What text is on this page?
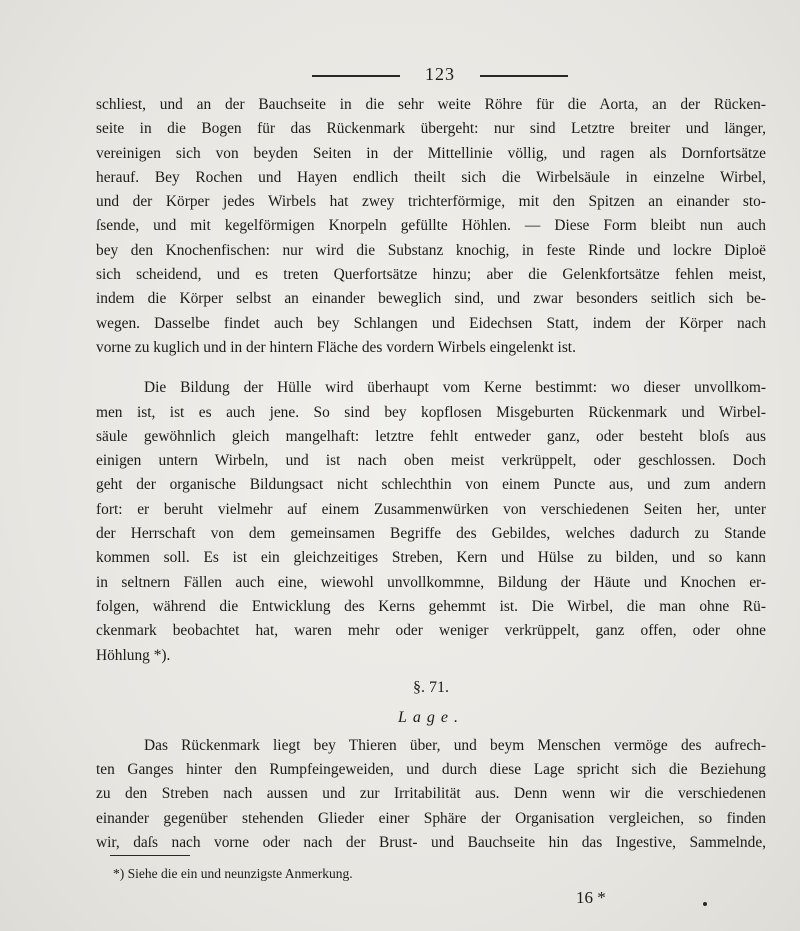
123
schliest, und an der Bauchseite in die sehr weite Röhre für die Aorta, an der Rücken-
seite in die Bogen für das Rückenmark übergeht: nur sind Letztre breiter und länger,
vereinigen sich von beyden Seiten in der Mittellinie völlig, und ragen als Dornfortsätze
herauf. Bey Rochen und Hayen endlich theilt sich die Wirbelsäule in einzelne Wirbel,
und der Körper jedes Wirbels hat zwey trichterförmige, mit den Spitzen an einander sto-
ſsende, und mit kegelförmigen Knorpeln gefüllte Höhlen. — Diese Form bleibt nun auch
bey den Knochenfischen: nur wird die Substanz knochig, in feste Rinde und lockre Diploë
sich scheidend, und es treten Querfortsätze hinzu; aber die Gelenkfortsätze fehlen meist,
indem die Körper selbst an einander beweglich sind, und zwar besonders seitlich sich be-
wegen. Dasselbe findet auch bey Schlangen und Eidechsen Statt, indem der Körper nach
vorne zu kuglich und in der hintern Fläche des vordern Wirbels eingelenkt ist.
Die Bildung der Hülle wird überhaupt vom Kerne bestimmt: wo dieser unvollkom-
men ist, ist es auch jene. So sind bey kopflosen Misgeburten Rückenmark und Wirbel-
säule gewöhnlich gleich mangelhaft: letztre fehlt entweder ganz, oder besteht bloſs aus
einigen untern Wirbeln, und ist nach oben meist verkrüppelt, oder geschlossen. Doch
geht der organische Bildungsact nicht schlechthin von einem Puncte aus, und zum andern
fort: er beruht vielmehr auf einem Zusammenwürken von verschiedenen Seiten her, unter
der Herrschaft von dem gemeinsamen Begriffe des Gebildes, welches dadurch zu Stande
kommen soll. Es ist ein gleichzeitiges Streben, Kern und Hülse zu bilden, und so kann
in seltnern Fällen auch eine, wiewohl unvollkommne, Bildung der Häute und Knochen er-
folgen, während die Entwicklung des Kerns gehemmt ist. Die Wirbel, die man ohne Rü-
ckenmark beobachtet hat, waren mehr oder weniger verkrüppelt, ganz offen, oder ohne
Höhlung *).
§. 71.
Lage.
Das Rückenmark liegt bey Thieren über, und beym Menschen vermöge des aufrech-
ten Ganges hinter den Rumpfeingeweiden, und durch diese Lage spricht sich die Beziehung
zu den Streben nach aussen und zur Irritabilität aus. Denn wenn wir die verschiedenen
einander gegenüber stehenden Glieder einer Sphäre der Organisation vergleichen, so finden
wir, daſs nach vorne oder nach der Brust- und Bauchseite hin das Ingestive, Sammelnde,
*) Siehe die ein und neunzigste Anmerkung.
16 *
